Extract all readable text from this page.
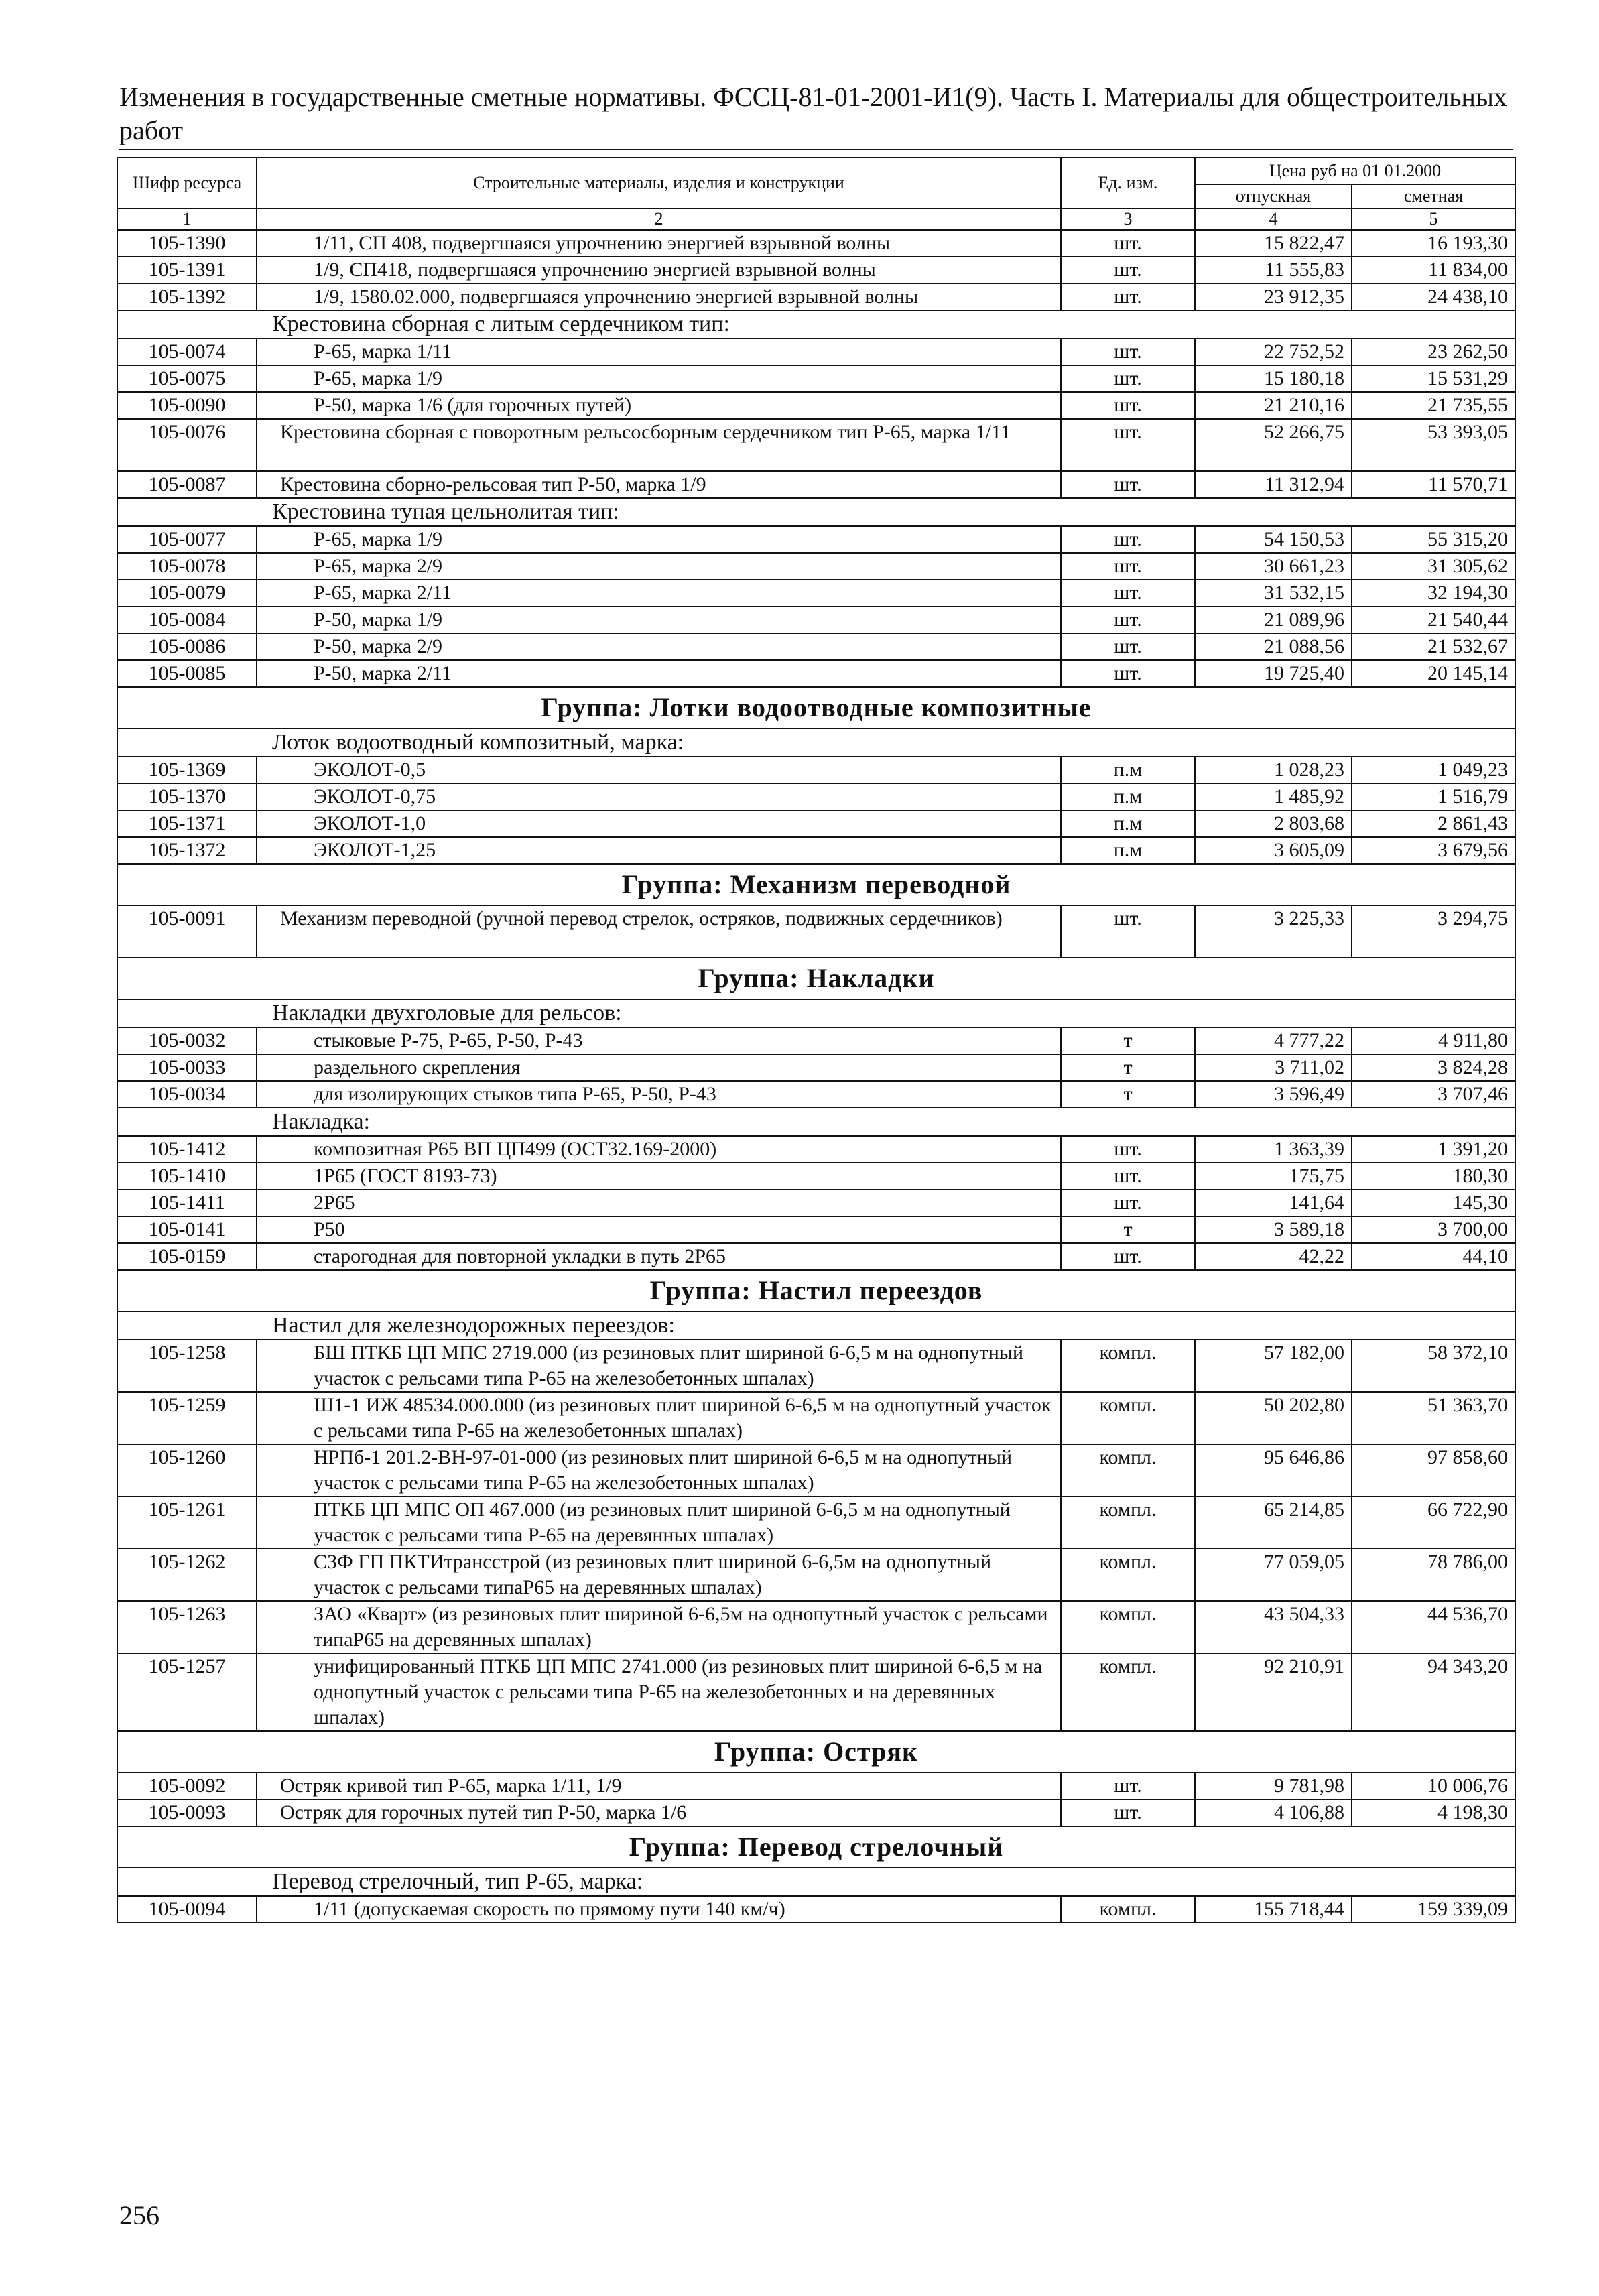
Изменения в государственные сметные нормативы. ФССЦ-81-01-2001-И1(9). Часть I. Материалы для общестроительных работ
Шифр ресурса	Строительные материалы, изделия и конструкции	Ед. изм.	Цена руб на 01 01.2000	
			отпускная	сметная
1	2	3	4	5
105-1390	1/11, СП 408, подвергшаяся упрочнению энергией взрывной волны	шт.	15 822,47	16 193,30
105-1391	1/9, СП418, подвергшаяся упрочнению энергией взрывной волны	шт.	11 555,83	11 834,00
105-1392	1/9, 1580.02.000, подвергшаяся упрочнению энергией взрывной волны	шт.	23 912,35	24 438,10
Крестовина сборная с литым сердечником тип:				
105-0074	Р-65, марка 1/11	шт.	22 752,52	23 262,50
105-0075	Р-65, марка 1/9	шт.	15 180,18	15 531,29
105-0090	Р-50, марка 1/6 (для горочных путей)	шт.	21 210,16	21 735,55
105-0076	Крестовина сборная с поворотным рельсосборным сердечником тип Р-65, марка 1/11	шт.	52 266,75	53 393,05
105-0087	Крестовина сборно-рельсовая тип Р-50, марка 1/9	шт.	11 312,94	11 570,71
Крестовина тупая цельнолитая тип:				
105-0077	Р-65, марка 1/9	шт.	54 150,53	55 315,20
105-0078	Р-65, марка 2/9	шт.	30 661,23	31 305,62
105-0079	Р-65, марка 2/11	шт.	31 532,15	32 194,30
105-0084	Р-50, марка 1/9	шт.	21 089,96	21 540,44
105-0086	Р-50, марка 2/9	шт.	21 088,56	21 532,67
105-0085	Р-50, марка 2/11	шт.	19 725,40	20 145,14
Группа: Лотки водоотводные композитные				
Лоток водоотводный композитный, марка:				
105-1369	ЭКОЛОТ-0,5	п.м	1 028,23	1 049,23
105-1370	ЭКОЛОТ-0,75	п.м	1 485,92	1 516,79
105-1371	ЭКОЛОТ-1,0	п.м	2 803,68	2 861,43
105-1372	ЭКОЛОТ-1,25	п.м	3 605,09	3 679,56
Группа: Механизм переводной				
105-0091	Механизм переводной (ручной перевод стрелок, остряков, подвижных сердечников)	шт.	3 225,33	3 294,75
Группа: Накладки				
Накладки двухголовые для рельсов:				
105-0032	стыковые Р-75, Р-65, Р-50, Р-43	т	4 777,22	4 911,80
105-0033	раздельного скрепления	т	3 711,02	3 824,28
105-0034	для изолирующих стыков типа Р-65, Р-50, Р-43	т	3 596,49	3 707,46
Накладка:				
105-1412	композитная Р65 ВП ЦП499 (ОСТ32.169-2000)	шт.	1 363,39	1 391,20
105-1410	1Р65 (ГОСТ 8193-73)	шт.	175,75	180,30
105-1411	2Р65	шт.	141,64	145,30
105-0141	Р50	т	3 589,18	3 700,00
105-0159	старогодная для повторной укладки в путь 2Р65	шт.	42,22	44,10
Группа: Настил переездов				
Настил для железнодорожных переездов:				
105-1258	БШ ПТКБ ЦП МПС 2719.000 (из резиновых плит шириной 6-6,5 м на однопутный участок с рельсами типа Р-65 на железобетонных шпалах)	компл.	57 182,00	58 372,10
105-1259	Ш1-1 ИЖ 48534.000.000 (из резиновых плит шириной 6-6,5 м на однопутный участок с рельсами типа Р-65 на железобетонных шпалах)	компл.	50 202,80	51 363,70
105-1260	НРПб-1 201.2-ВН-97-01-000 (из резиновых плит шириной 6-6,5 м на однопутный участок с рельсами типа Р-65 на железобетонных шпалах)	компл.	95 646,86	97 858,60
105-1261	ПТКБ ЦП МПС ОП 467.000 (из резиновых плит шириной 6-6,5 м на однопутный участок с рельсами типа Р-65 на деревянных шпалах)	компл.	65 214,85	66 722,90
105-1262	СЗФ ГП ПКТИтрансстрой (из резиновых плит шириной 6-6,5м на однопутный участок с рельсами типаР65 на деревянных шпалах)	компл.	77 059,05	78 786,00
105-1263	ЗАО «Кварт» (из резиновых плит шириной 6-6,5м на однопутный участок с рельсами типаР65 на деревянных шпалах)	компл.	43 504,33	44 536,70
105-1257	унифицированный ПТКБ ЦП МПС 2741.000 (из резиновых плит шириной 6-6,5 м на однопутный участок с рельсами типа Р-65 на железобетонных и на деревянных шпалах)	компл.	92 210,91	94 343,20
Группа: Остряк				
105-0092	Остряк кривой тип Р-65, марка 1/11, 1/9	шт.	9 781,98	10 006,76
105-0093	Остряк для горочных путей тип Р-50, марка 1/6	шт.	4 106,88	4 198,30
Группа: Перевод стрелочный				
Перевод стрелочный, тип Р-65, марка:				
105-0094	1/11 (допускаемая скорость по прямому пути 140 км/ч)	компл.	155 718,44	159 339,09
256
